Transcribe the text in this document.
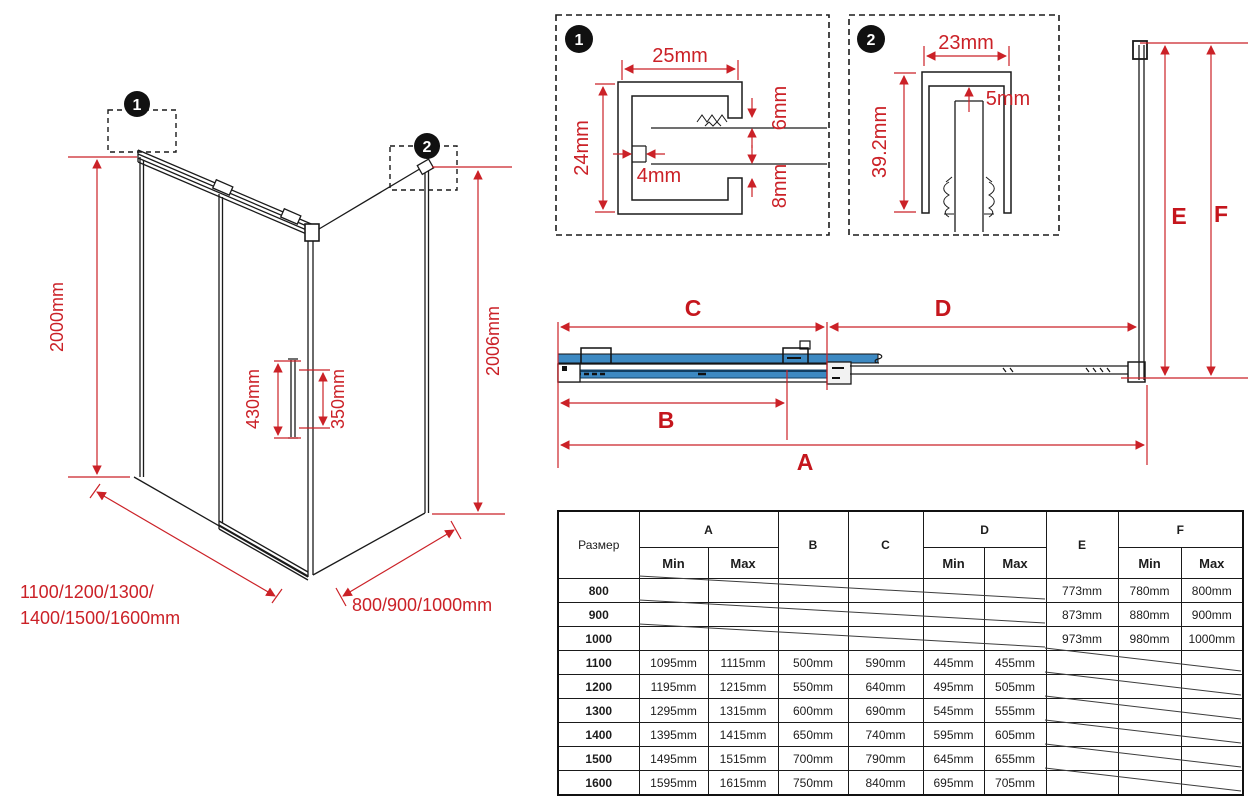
1
2
2000mm	2006mm
430mm	350mm
1100/1200/1300/
1400/1500/1600mm
800/900/1000mm
1
25mm
24mm
4mm
6mm
8mm
2	23mm
39.2mm
5mm
C	D
B
A
E F
Размер	A		B	C	D		E	F	
	Min	Max			Min	Max		Min	Max
800							773mm	780mm	800mm
900							873mm	880mm	900mm
1000							973mm	980mm	1000mm
1100	1095mm	1115mm	500mm	590mm	445mm	455mm			
1200	1195mm	1215mm	550mm	640mm	495mm	505mm			
1300	1295mm	1315mm	600mm	690mm	545mm	555mm			
1400	1395mm	1415mm	650mm	740mm	595mm	605mm			
1500	1495mm	1515mm	700mm	790mm	645mm	655mm			
1600	1595mm	1615mm	750mm	840mm	695mm	705mm			
